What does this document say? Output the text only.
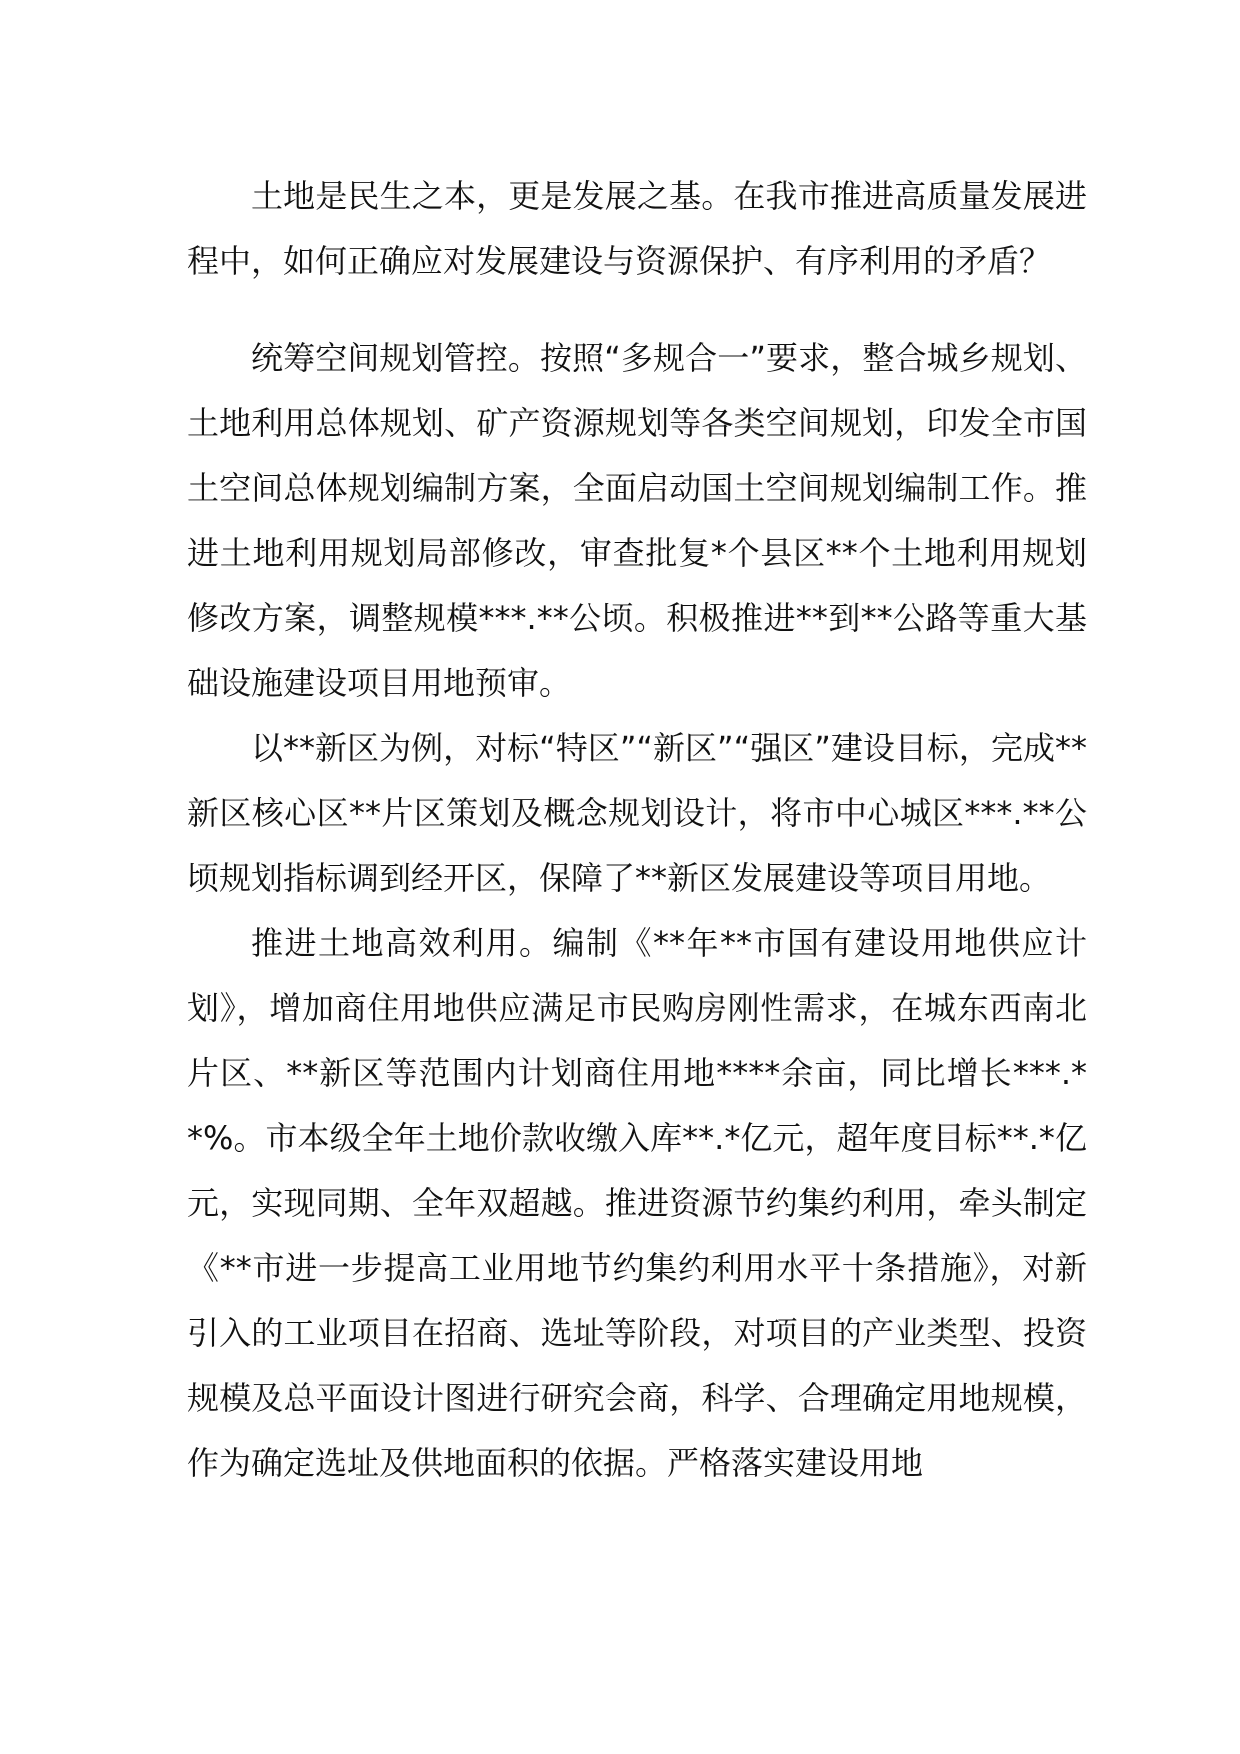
土地是民生之本，更是发展之基。在我市推进高质量发展进程中，如何正确应对发展建设与资源保护、有序利用的矛盾？

统筹空间规划管控。按照“多规合一”要求，整合城乡规划、土地利用总体规划、矿产资源规划等各类空间规划，印发全市国土空间总体规划编制方案，全面启动国土空间规划编制工作。推进土地利用规划局部修改，审查批复*个县区**个土地利用规划修改方案，调整规模***.**公顷。积极推进**到**公路等重大基础设施建设项目用地预审。

以**新区为例，对标“特区”“新区”“强区”建设目标，完成**新区核心区**片区策划及概念规划设计，将市中心城区***.**公顷规划指标调到经开区，保障了**新区发展建设等项目用地。

推进土地高效利用。编制《**年**市国有建设用地供应计划》，增加商住用地供应满足市民购房刚性需求，在城东西南北片区、**新区等范围内计划商住用地****余亩，同比增长***.**%。市本级全年土地价款收缴入库**.*亿元，超年度目标**.*亿元，实现同期、全年双超越。推进资源节约集约利用，牵头制定《**市进一步提高工业用地节约集约利用水平十条措施》，对新引入的工业项目在招商、选址等阶段，对项目的产业类型、投资规模及总平面设计图进行研究会商，科学、合理确定用地规模，作为确定选址及供地面积的依据。严格落实建设用地
